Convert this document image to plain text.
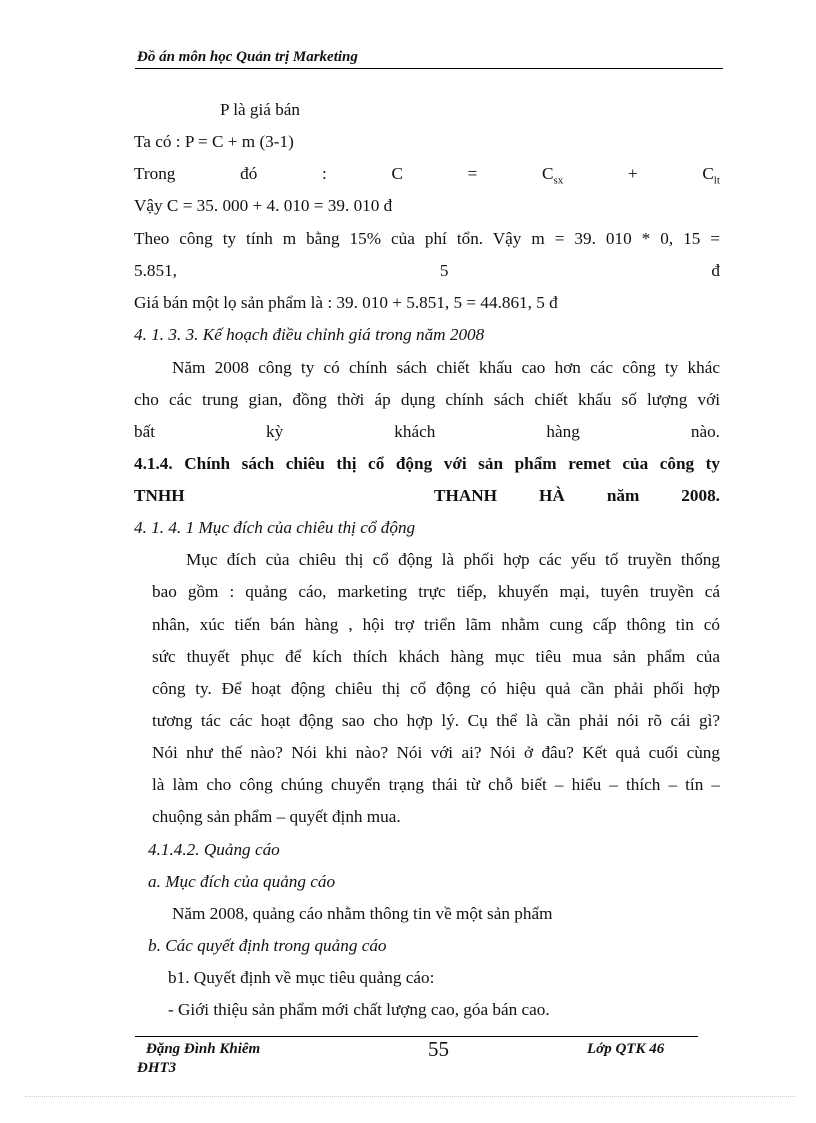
Đồ án môn học Quản trị Marketing
P là giá bán
Ta có : P = C + m (3-1)
Trong	đó	:	C	=	$C_{sx}$	+	$C_{lt}$
Vậy C = 35. 000 + 4. 010 = 39. 010 đ
Theo công ty tính m bằng 15% của phí tổn. Vậy m = 39. 010 * 0, 15 =
5.851,	5	đ
Giá bán một lọ sản phẩm là : 39. 010 + 5.851, 5 = 44.861, 5 đ
4. 1. 3. 3. Kế hoạch điều chỉnh giá trong năm 2008
Năm 2008 công ty có chính sách chiết khấu cao hơn các công ty khác
cho các trung gian, đồng thời áp dụng chính sách chiết khấu số lượng với
bất	kỳ	khách	hàng	nào.
4.1.4. Chính sách chiêu thị cổ động với sản phẩm remet của công ty
TNHH	THANH HÀ năm 2008.
4. 1. 4. 1 Mục đích của chiêu thị cổ động
Mục đích của chiêu thị cổ động là phối hợp các yếu tố truyền thống
bao gồm : quảng cáo, marketing trực tiếp, khuyến mại, tuyên truyền cá
nhân, xúc tiến bán hàng , hội trợ triển lãm nhằm cung cấp thông tin có
sức thuyết phục để kích thích khách hàng mục tiêu mua sản phẩm của
công ty. Để hoạt động chiêu thị cổ động có hiệu quả cần phải phối hợp
tương tác các hoạt động sao cho hợp lý. Cụ thể là cần phải nói rõ cái gì?
Nói như thế nào? Nói khi nào? Nói với ai? Nói ở đâu? Kết quả cuối cùng
là làm cho công chúng chuyển trạng thái từ chỗ biết – hiểu – thích – tín –
chuộng sản phẩm – quyết định mua.
4.1.4.2. Quảng cáo
a. Mục đích của quảng cáo
Năm 2008, quảng cáo nhằm thông tin về một sản phẩm
b. Các quyết định trong quảng cáo
b1. Quyết định về mục tiêu quảng cáo:
- Giới thiệu sản phẩm mới chất lượng cao, góa bán cao.
Đặng Đình Khiêm	55	Lớp QTK 46
ĐHT3
